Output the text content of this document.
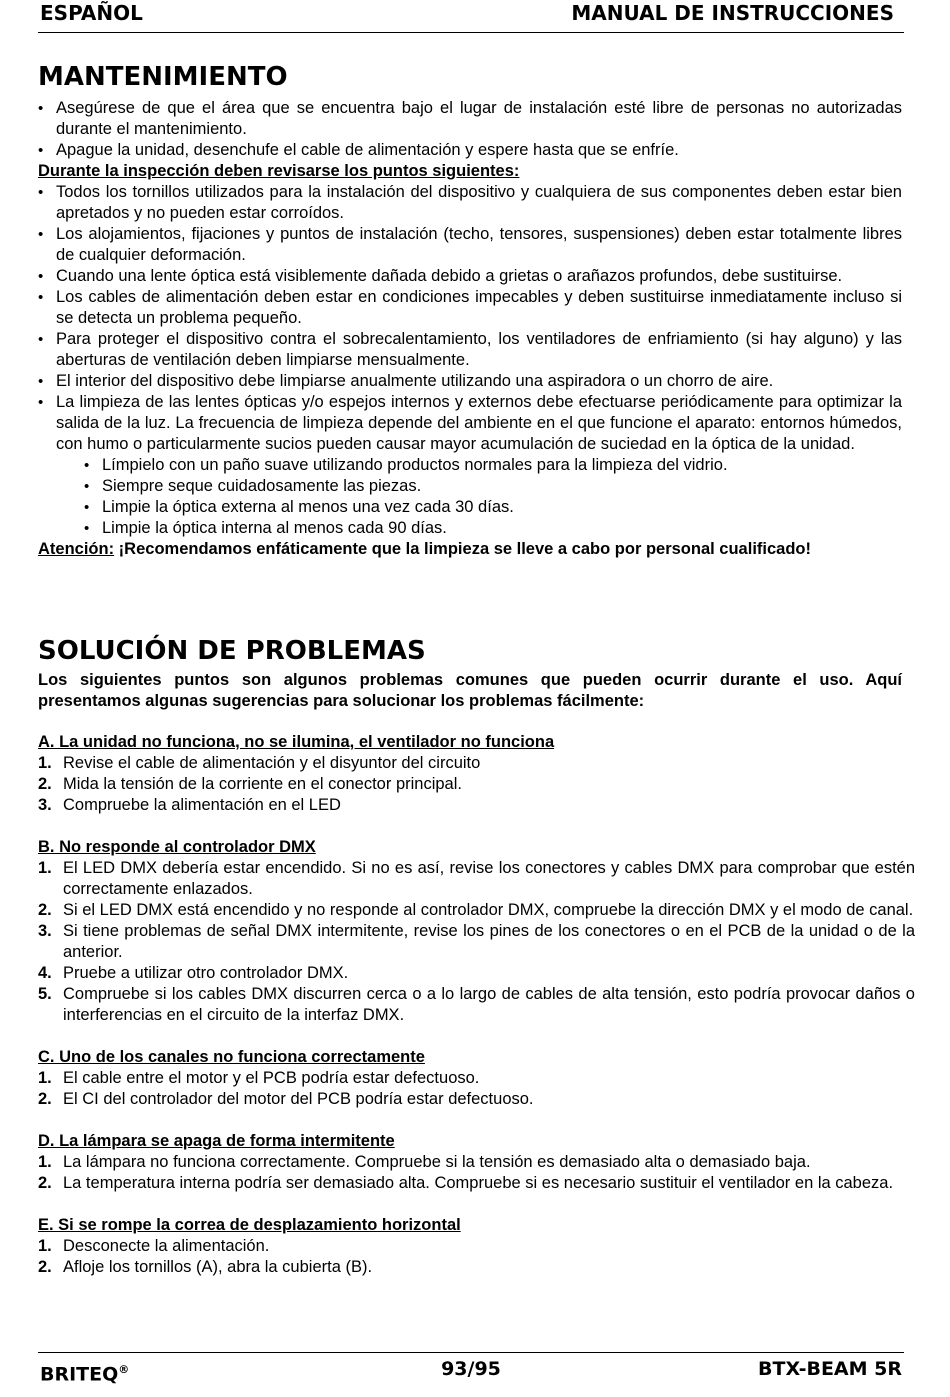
ESPAÑOL	MANUAL DE INSTRUCCIONES
MANTENIMIENTO
• Asegúrese de que el área que se encuentra bajo el lugar de instalación esté libre de personas no autorizadas durante el mantenimiento.
• Apague la unidad, desenchufe el cable de alimentación y espere hasta que se enfríe.
Durante la inspección deben revisarse los puntos siguientes:
• Todos los tornillos utilizados para la instalación del dispositivo y cualquiera de sus componentes deben estar bien apretados y no pueden estar corroídos.
• Los alojamientos, fijaciones y puntos de instalación (techo, tensores, suspensiones) deben estar totalmente libres de cualquier deformación.
• Cuando una lente óptica está visiblemente dañada debido a grietas o arañazos profundos, debe sustituirse.
• Los cables de alimentación deben estar en condiciones impecables y deben sustituirse inmediatamente incluso si se detecta un problema pequeño.
• Para proteger el dispositivo contra el sobrecalentamiento, los ventiladores de enfriamiento (si hay alguno) y las aberturas de ventilación deben limpiarse mensualmente.
• El interior del dispositivo debe limpiarse anualmente utilizando una aspiradora o un chorro de aire.
• La limpieza de las lentes ópticas y/o espejos internos y externos debe efectuarse periódicamente para optimizar la salida de la luz. La frecuencia de limpieza depende del ambiente en el que funcione el aparato: entornos húmedos, con humo o particularmente sucios pueden causar mayor acumulación de suciedad en la óptica de la unidad.
• Límpielo con un paño suave utilizando productos normales para la limpieza del vidrio.
• Siempre seque cuidadosamente las piezas.
• Limpie la óptica externa al menos una vez cada 30 días.
• Limpie la óptica interna al menos cada 90 días.
Atención: ¡Recomendamos enfáticamente que la limpieza se lleve a cabo por personal cualificado!
SOLUCIÓN DE PROBLEMAS
Los siguientes puntos son algunos problemas comunes que pueden ocurrir durante el uso. Aquí presentamos algunas sugerencias para solucionar los problemas fácilmente:
A. La unidad no funciona, no se ilumina, el ventilador no funciona
1. Revise el cable de alimentación y el disyuntor del circuito
2. Mida la tensión de la corriente en el conector principal.
3. Compruebe la alimentación en el LED
B. No responde al controlador DMX
1. El LED DMX debería estar encendido. Si no es así, revise los conectores y cables DMX para comprobar que estén correctamente enlazados.
2. Si el LED DMX está encendido y no responde al controlador DMX, compruebe la dirección DMX y el modo de canal.
3. Si tiene problemas de señal DMX intermitente, revise los pines de los conectores o en el PCB de la unidad o de la anterior.
4. Pruebe a utilizar otro controlador DMX.
5. Compruebe si los cables DMX discurren cerca o a lo largo de cables de alta tensión, esto podría provocar daños o interferencias en el circuito de la interfaz DMX.
C. Uno de los canales no funciona correctamente
1. El cable entre el motor y el PCB podría estar defectuoso.
2. El CI del controlador del motor del PCB podría estar defectuoso.
D. La lámpara se apaga de forma intermitente
1. La lámpara no funciona correctamente. Compruebe si la tensión es demasiado alta o demasiado baja.
2. La temperatura interna podría ser demasiado alta. Compruebe si es necesario sustituir el ventilador en la cabeza.
E. Si se rompe la correa de desplazamiento horizontal
1. Desconecte la alimentación.
2. Afloje los tornillos (A), abra la cubierta (B).
BRITEQ®	93/95	BTX-BEAM 5R
